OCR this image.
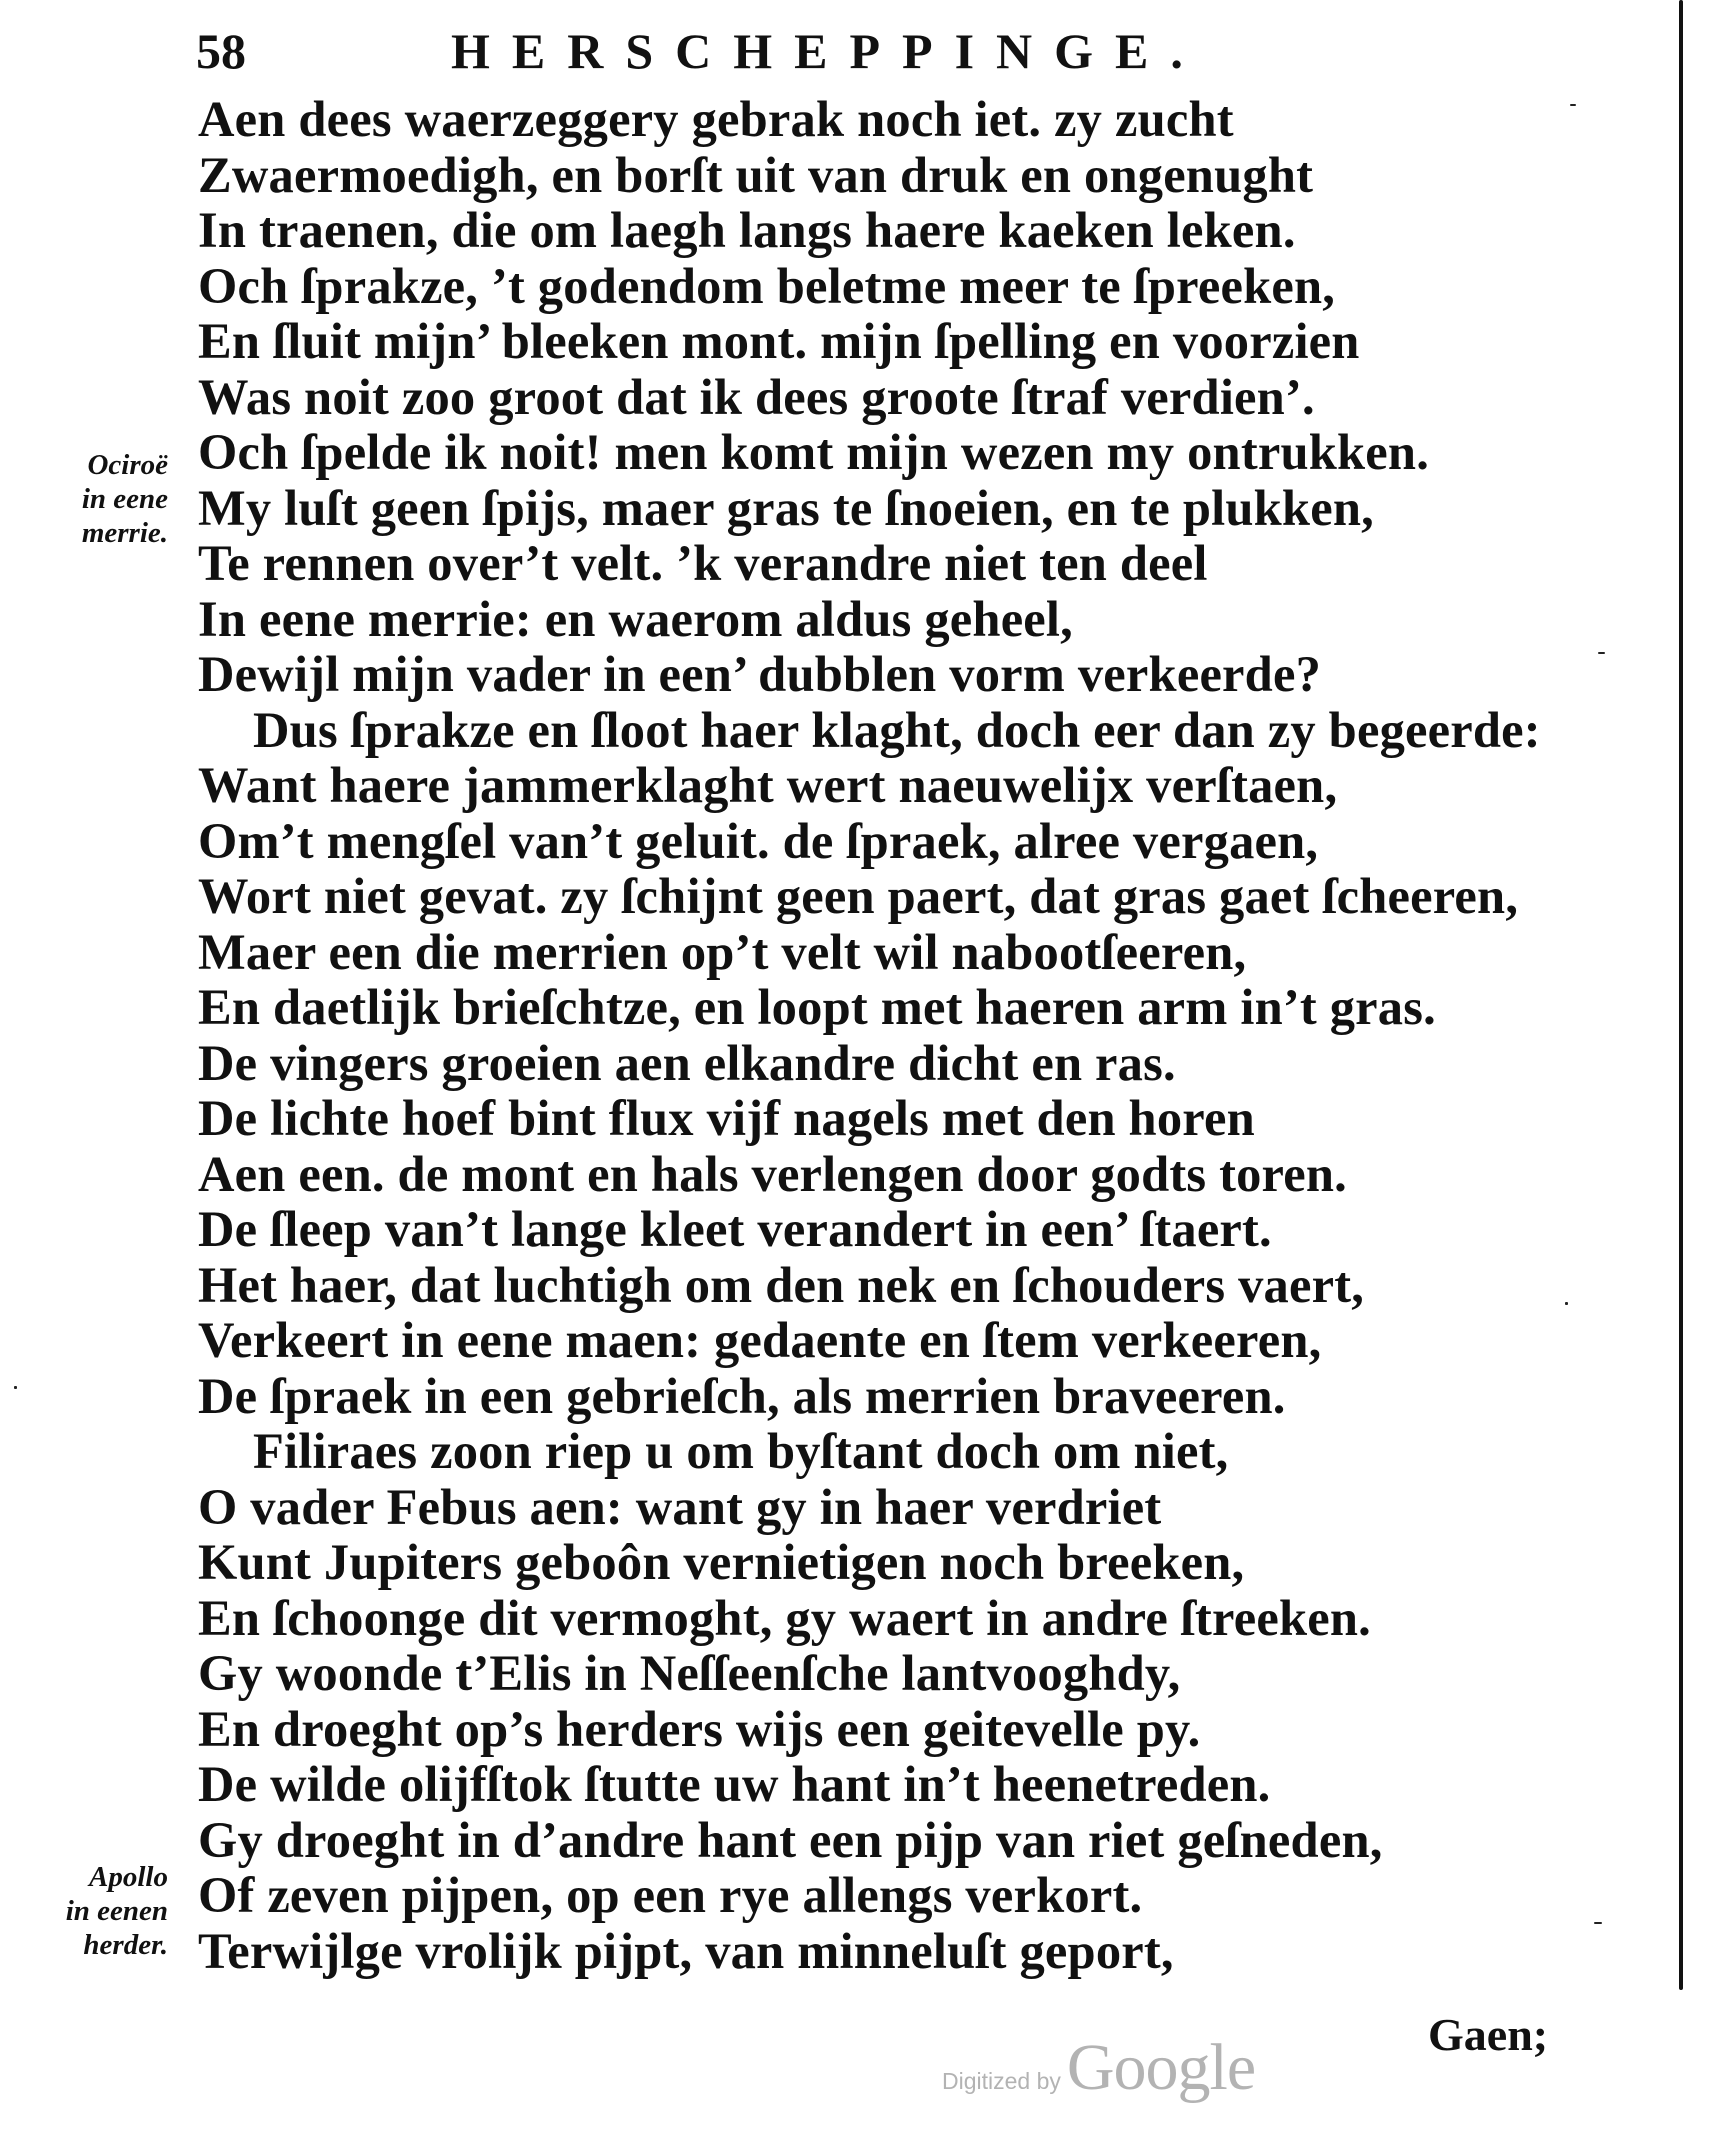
58	HERSCHEPPINGE.
Aen dees waerzeggery gebrak noch iet. zy zucht
Zwaermoedigh, en borſt uit van druk en ongenught
In traenen, die om laegh langs haere kaeken leken.
Och ſprakze, ’t godendom beletme meer te ſpreeken,
En ſluit mijn’ bleeken mont. mijn ſpelling en voorzien
Was noit zoo groot dat ik dees groote ſtraf verdien’.
Och ſpelde ik noit! men komt mijn wezen my ontrukken.
My luſt geen ſpijs, maer gras te ſnoeien, en te plukken,
Te rennen over’t velt. ’k verandre niet ten deel
In eene merrie: en waerom aldus geheel,
Dewijl mijn vader in een’ dubblen vorm verkeerde?
Dus ſprakze en ſloot haer klaght, doch eer dan zy begeerde:
Want haere jammerklaght wert naeuwelijx verſtaen,
Om’t mengſel van’t geluit. de ſpraek, alree vergaen,
Wort niet gevat. zy ſchijnt geen paert, dat gras gaet ſcheeren,
Maer een die merrien op’t velt wil nabootſeeren,
En daetlijk brieſchtze, en loopt met haeren arm in’t gras.
De vingers groeien aen elkandre dicht en ras.
De lichte hoef bint flux vijf nagels met den horen
Aen een. de mont en hals verlengen door godts toren.
De ſleep van’t lange kleet verandert in een’ ſtaert.
Het haer, dat luchtigh om den nek en ſchouders vaert,
Verkeert in eene maen: gedaente en ſtem verkeeren,
De ſpraek in een gebrieſch, als merrien braveeren.
Filiraes zoon riep u om byſtant doch om niet,
O vader Febus aen: want gy in haer verdriet
Kunt Jupiters geboôn vernietigen noch breeken,
En ſchoonge dit vermoght, gy waert in andre ſtreeken.
Gy woonde t’Elis in Neſſeenſche lantvooghdy,
En droeght op’s herders wijs een geitevelle py.
De wilde olijfſtok ſtutte uw hant in’t heenetreden.
Gy droeght in d’andre hant een pijp van riet geſneden,
Of zeven pijpen, op een rye allengs verkort.
Terwijlge vrolijk pijpt, van minneluſt geport,
Ociroë
in eene
merrie.
Apollo
in eenen
herder.
Digitized byGoogle	Gaen;
